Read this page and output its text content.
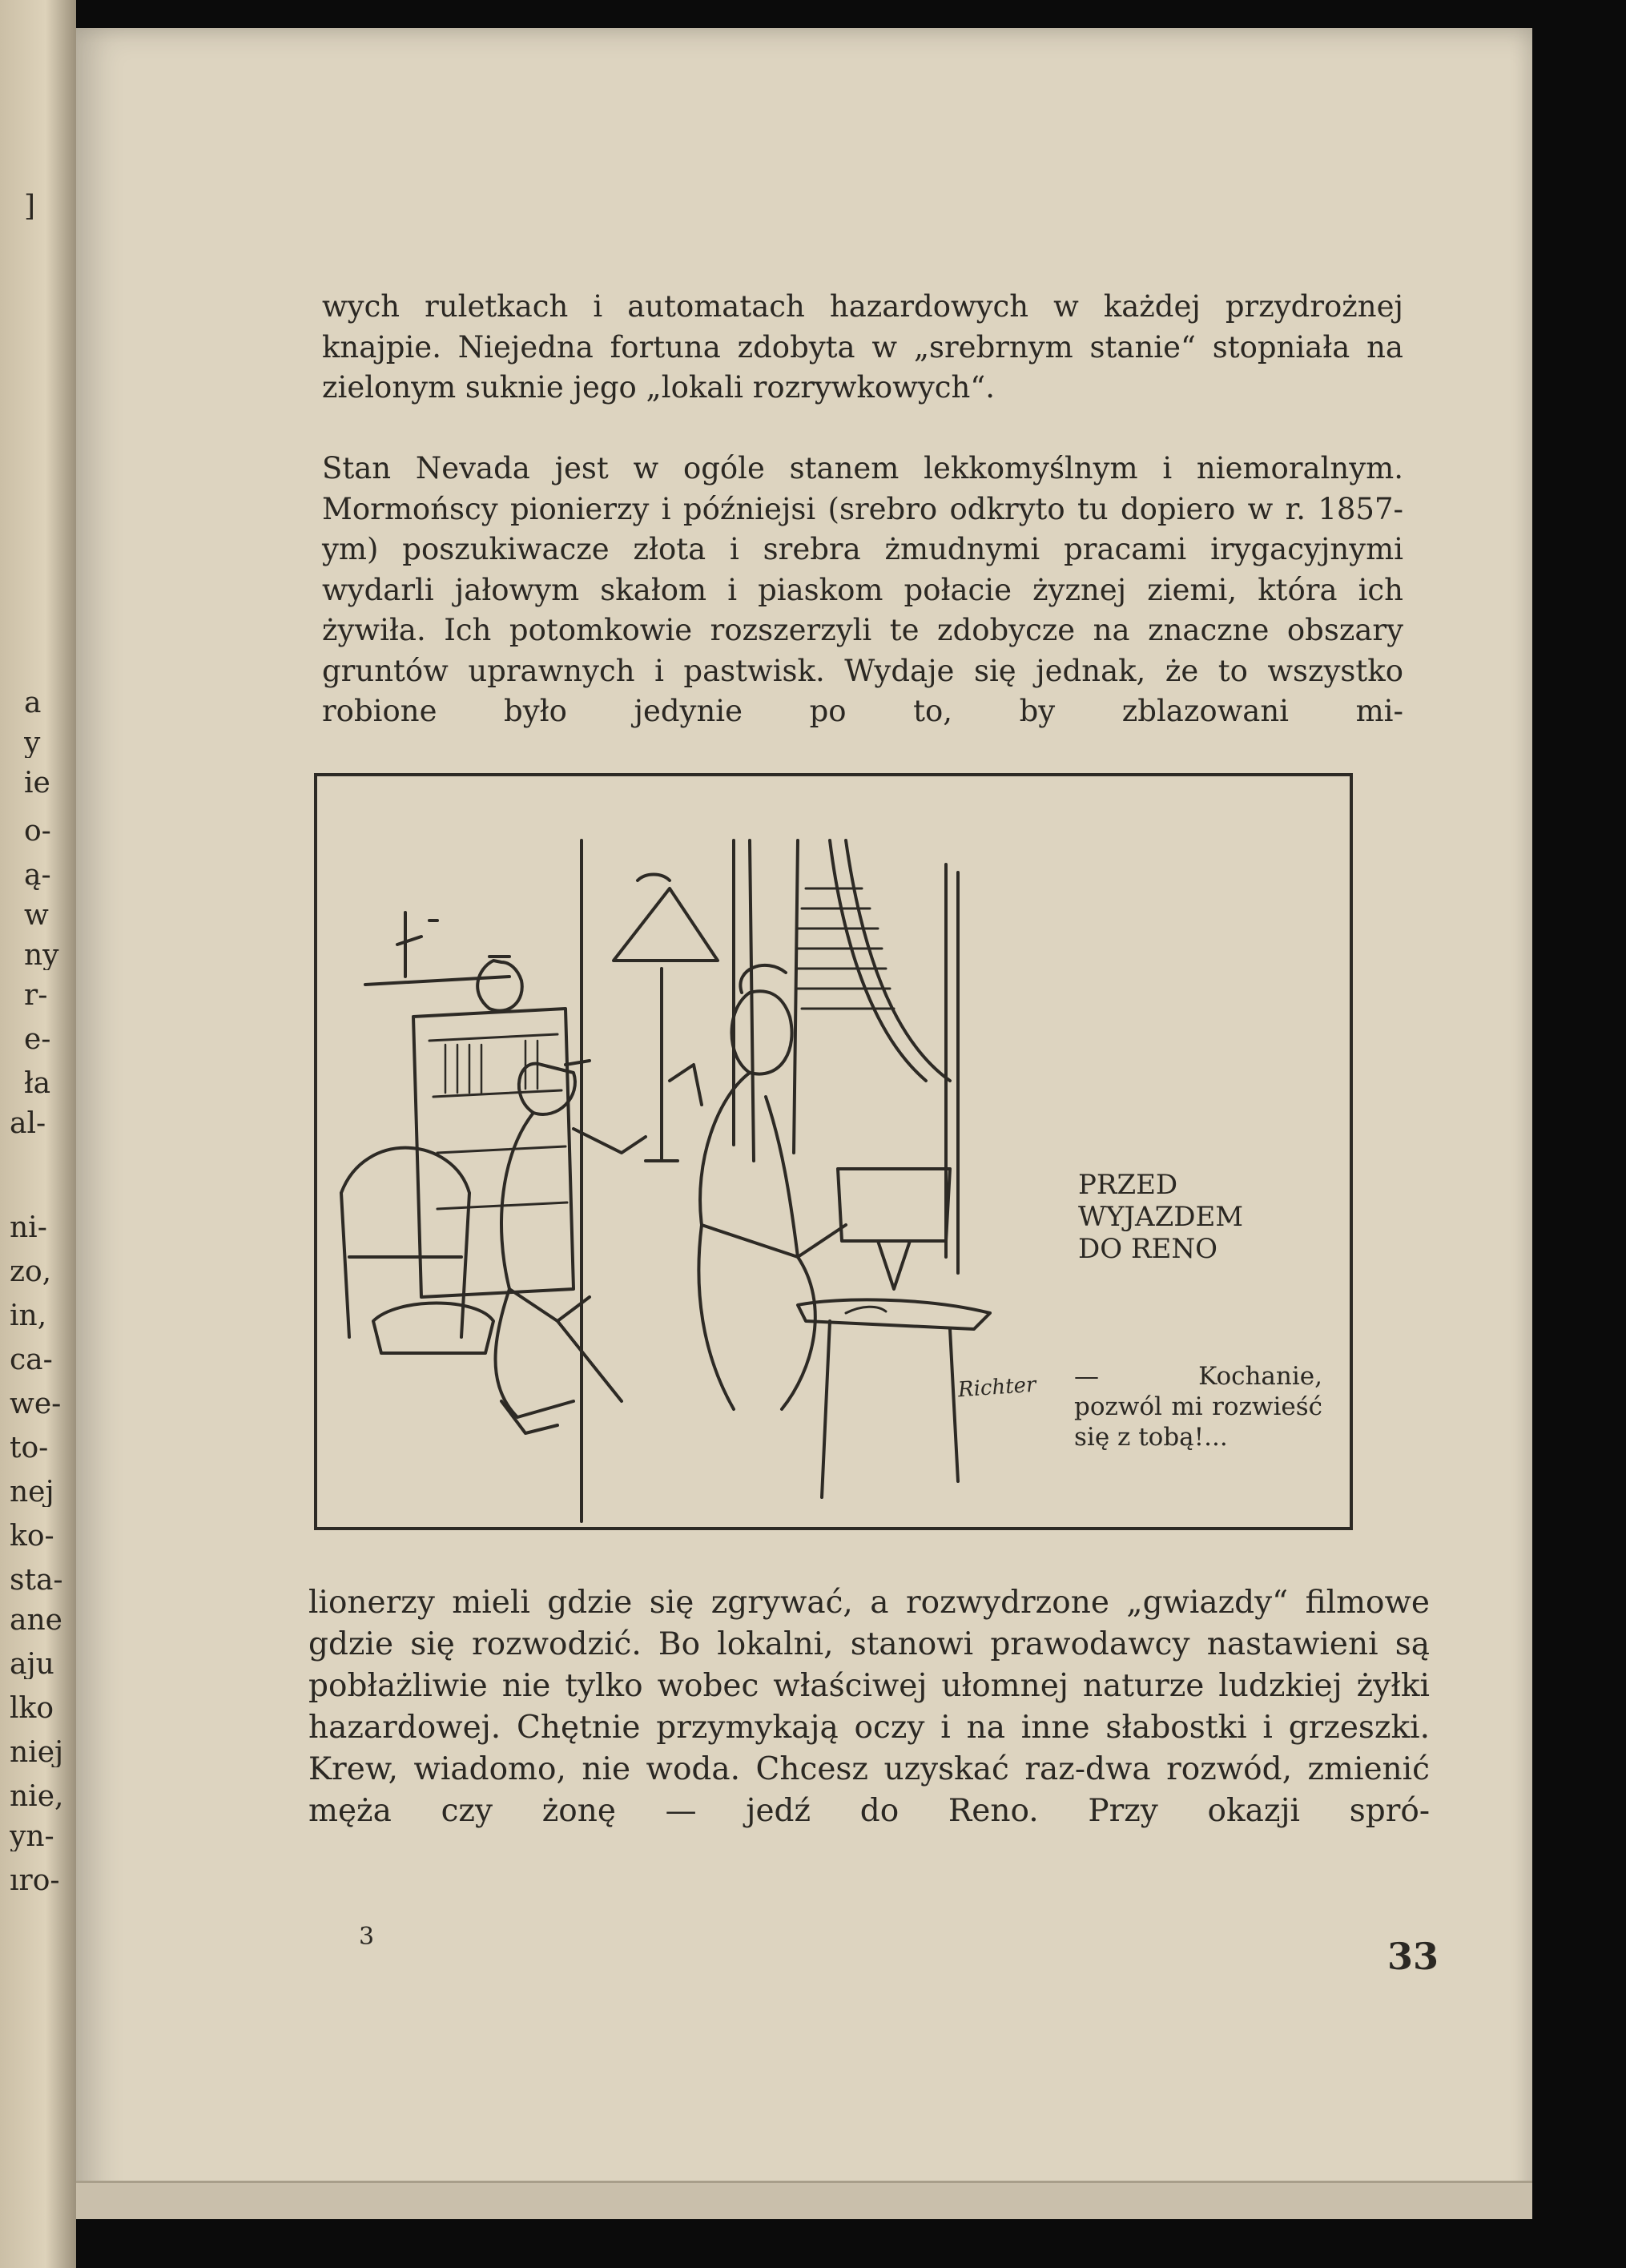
]
a
y
ie
o-
ą-
w
ny
r-
e-
ła
al-
ni-
zo,
in,
ca-
we-
to-
nej
ko-
sta-
ane
aju
lko
niej
nie,
yn-
ıro-

wych ruletkach i automatach hazardowych w każdej przydrożnej knajpie. Niejedna fortuna zdobyta w „srebrnym stanie“ stopniała na zielonym suknie jego „lokali rozrywkowych“.

Stan Nevada jest w ogóle stanem lekkomyślnym i niemoralnym. Mormońscy pionierzy i późniejsi (srebro odkryto tu dopiero w r. 1857-ym) poszukiwacze złota i srebra żmudnymi pracami irygacyjnymi wydarli jałowym skałom i piaskom połacie żyznej ziemi, która ich żywiła. Ich potomkowie rozszerzyli te zdobycze na znaczne obszary gruntów uprawnych i pastwisk. Wydaje się jednak, że to wszystko robione było jedynie po to, by zblazowani mi-

Richter
PRZED
WYJAZDEM
DO RENO

— Kochanie, pozwól mi rozwieść się z tobą!...

lionerzy mieli gdzie się zgrywać, a rozwydrzone „gwiazdy“ filmowe gdzie się rozwodzić. Bo lokalni, stanowi prawodawcy nastawieni są pobłażliwie nie tylko wobec właściwej ułomnej naturze ludzkiej żyłki hazardowej. Chętnie przymykają oczy i na inne słabostki i grzeszki. Krew, wiadomo, nie woda. Chcesz uzyskać raz-dwa rozwód, zmienić męża czy żonę — jedź do Reno. Przy okazji spró-

3	33
